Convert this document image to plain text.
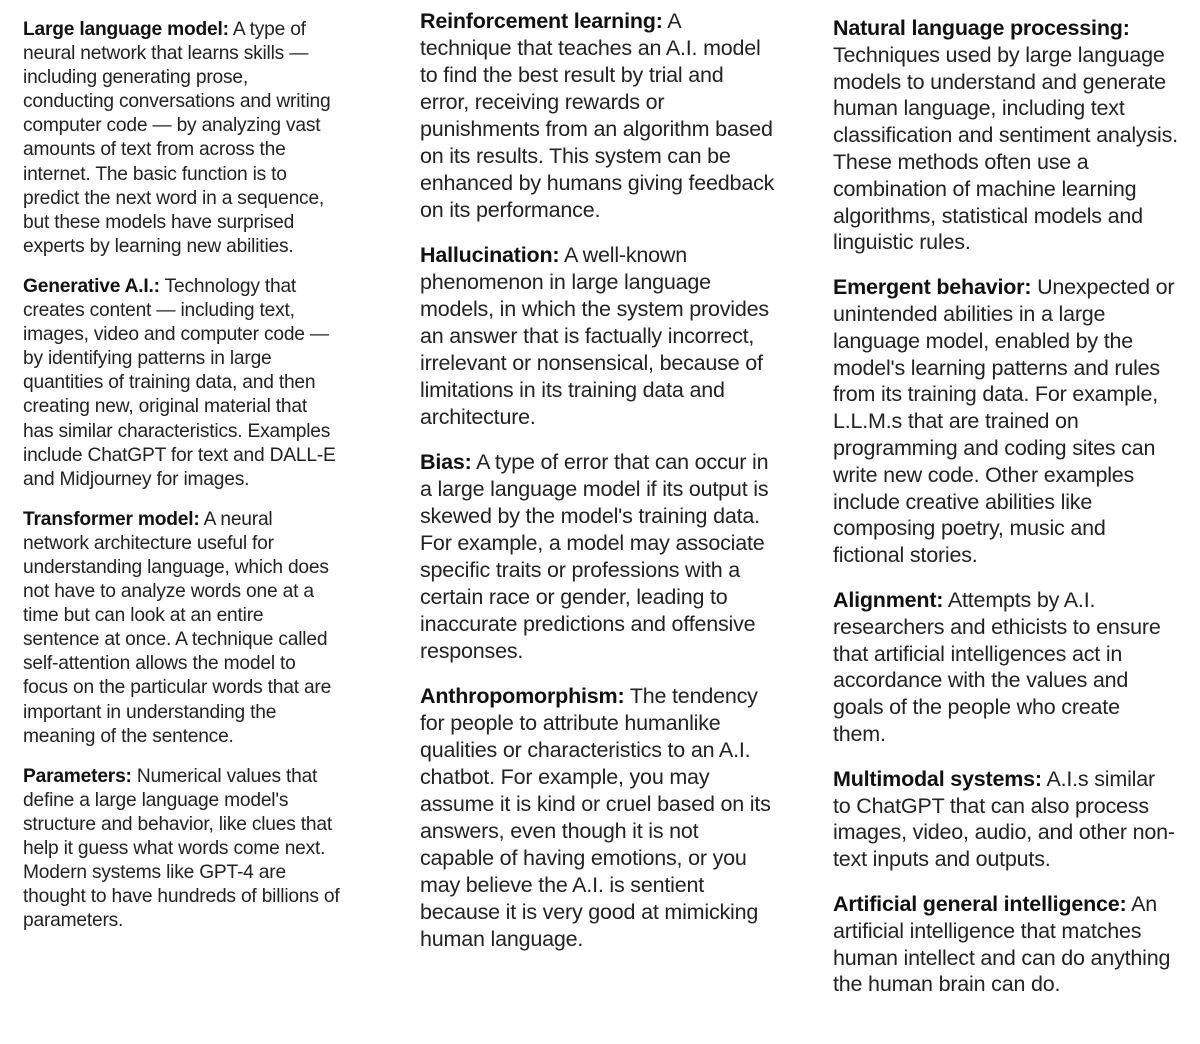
Large language model: A type of neural network that learns skills — including generating prose, conducting conversations and writing computer code — by analyzing vast amounts of text from across the internet. The basic function is to predict the next word in a sequence, but these models have surprised experts by learning new abilities.

Generative A.I.: Technology that creates content — including text, images, video and computer code — by identifying patterns in large quantities of training data, and then creating new, original material that has similar characteristics. Examples include ChatGPT for text and DALL-E and Midjourney for images.

Transformer model: A neural network architecture useful for understanding language, which does not have to analyze words one at a time but can look at an entire sentence at once. A technique called self-attention allows the model to focus on the particular words that are important in understanding the meaning of the sentence.

Parameters: Numerical values that define a large language model's structure and behavior, like clues that help it guess what words come next. Modern systems like GPT-4 are thought to have hundreds of billions of parameters.

Reinforcement learning: A technique that teaches an A.I. model to find the best result by trial and error, receiving rewards or punishments from an algorithm based on its results. This system can be enhanced by humans giving feedback on its performance.

Hallucination: A well-known phenomenon in large language models, in which the system provides an answer that is factually incorrect, irrelevant or nonsensical, because of limitations in its training data and architecture.

Bias: A type of error that can occur in a large language model if its output is skewed by the model's training data. For example, a model may associate specific traits or professions with a certain race or gender, leading to inaccurate predictions and offensive responses.

Anthropomorphism: The tendency for people to attribute humanlike qualities or characteristics to an A.I. chatbot. For example, you may assume it is kind or cruel based on its answers, even though it is not capable of having emotions, or you may believe the A.I. is sentient because it is very good at mimicking human language.

Natural language processing: Techniques used by large language models to understand and generate human language, including text classification and sentiment analysis. These methods often use a combination of machine learning algorithms, statistical models and linguistic rules.

Emergent behavior: Unexpected or unintended abilities in a large language model, enabled by the model's learning patterns and rules from its training data. For example, L.L.M.s that are trained on programming and coding sites can write new code. Other examples include creative abilities like composing poetry, music and fictional stories.

Alignment: Attempts by A.I. researchers and ethicists to ensure that artificial intelligences act in accordance with the values and goals of the people who create them.

Multimodal systems: A.I.s similar to ChatGPT that can also process images, video, audio, and other non-text inputs and outputs.

Artificial general intelligence: An artificial intelligence that matches human intellect and can do anything the human brain can do.
